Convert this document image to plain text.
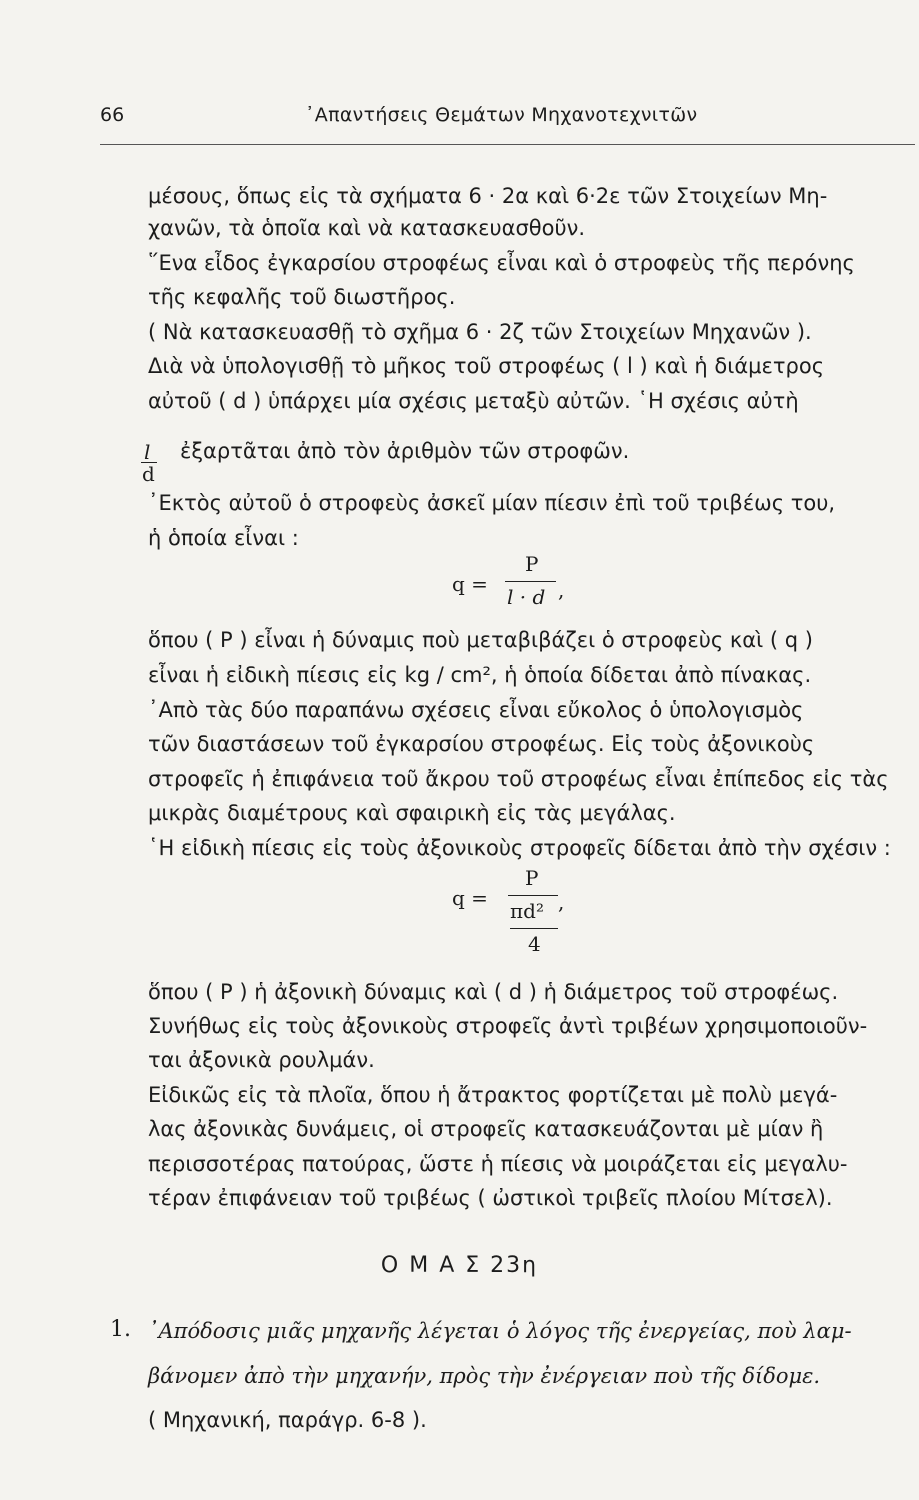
66	᾿Απαντήσεις Θεμάτων Μηχανοτεχνιτῶν
μέσους, ὅπως εἰς τὰ σχήματα 6 · 2α καὶ 6·2ε τῶν Στοιχείων Μη-
χανῶν, τὰ ὁποῖα καὶ νὰ κατασκευασθοῦν.
῞Ενα εἶδος ἐγκαρσίου στροφέως εἶναι καὶ ὁ στροφεὺς τῆς περόνης
τῆς κεφαλῆς τοῦ διωστῆρος.
( Νὰ κατασκευασθῇ τὸ σχῆμα 6 · 2ζ τῶν Στοιχείων Μηχανῶν ).
Διὰ νὰ ὑπολογισθῇ τὸ μῆκος τοῦ στροφέως ( l ) καὶ ἡ διάμετρος
αὐτοῦ ( d ) ὑπάρχει μία σχέσις μεταξὺ αὐτῶν. ῾Η σχέσις αὐτὴ
l
d
ἐξαρτᾶται ἀπὸ τὸν ἀριθμὸν τῶν στροφῶν.
᾿Εκτὸς αὐτοῦ ὁ στροφεὺς ἀσκεῖ μίαν πίεσιν ἐπὶ τοῦ τριβέως του,
ἡ ὁποία εἶναι :
q =
P
l · d ,
ὅπου ( P ) εἶναι ἡ δύναμις ποὺ μεταβιβάζει ὁ στροφεὺς καὶ ( q )
εἶναι ἡ εἰδικὴ πίεσις εἰς kg / cm², ἡ ὁποία δίδεται ἀπὸ πίνακας.
᾿Απὸ τὰς δύο παραπάνω σχέσεις εἶναι εὔκολος ὁ ὑπολογισμὸς
τῶν διαστάσεων τοῦ ἐγκαρσίου στροφέως. Εἰς τοὺς ἀξονικοὺς
στροφεῖς ἡ ἐπιφάνεια τοῦ ἄκρου τοῦ στροφέως εἶναι ἐπίπεδος εἰς τὰς
μικρὰς διαμέτρους καὶ σφαιρικὴ εἰς τὰς μεγάλας.
῾Η εἰδικὴ πίεσις εἰς τοὺς ἀξονικοὺς στροφεῖς δίδεται ἀπὸ τὴν σχέσιν :
q =
P
πd² ,
4
ὅπου ( P ) ἡ ἀξονικὴ δύναμις καὶ ( d ) ἡ διάμετρος τοῦ στροφέως.
Συνήθως εἰς τοὺς ἀξονικοὺς στροφεῖς ἀντὶ τριβέων χρησιμοποιοῦν-
ται ἀξονικὰ ρουλμάν.
Εἰδικῶς εἰς τὰ πλοῖα, ὅπου ἡ ἄτρακτος φορτίζεται μὲ πολὺ μεγά-
λας ἀξονικὰς δυνάμεις, οἱ στροφεῖς κατασκευάζονται μὲ μίαν ἢ
περισσοτέρας πατούρας, ὥστε ἡ πίεσις νὰ μοιράζεται εἰς μεγαλυ-
τέραν ἐπιφάνειαν τοῦ τριβέως ( ὠστικοὶ τριβεῖς πλοίου Μίτσελ).
Ο Μ Α Σ 23η
1. ᾿Απόδοσις μιᾶς μηχανῆς λέγεται ὁ λόγος τῆς ἐνεργείας, ποὺ λαμ-
βάνομεν ἀπὸ τὴν μηχανήν, πρὸς τὴν ἐνέργειαν ποὺ τῆς δίδομε.
( Μηχανική, παράγρ. 6-8 ).
